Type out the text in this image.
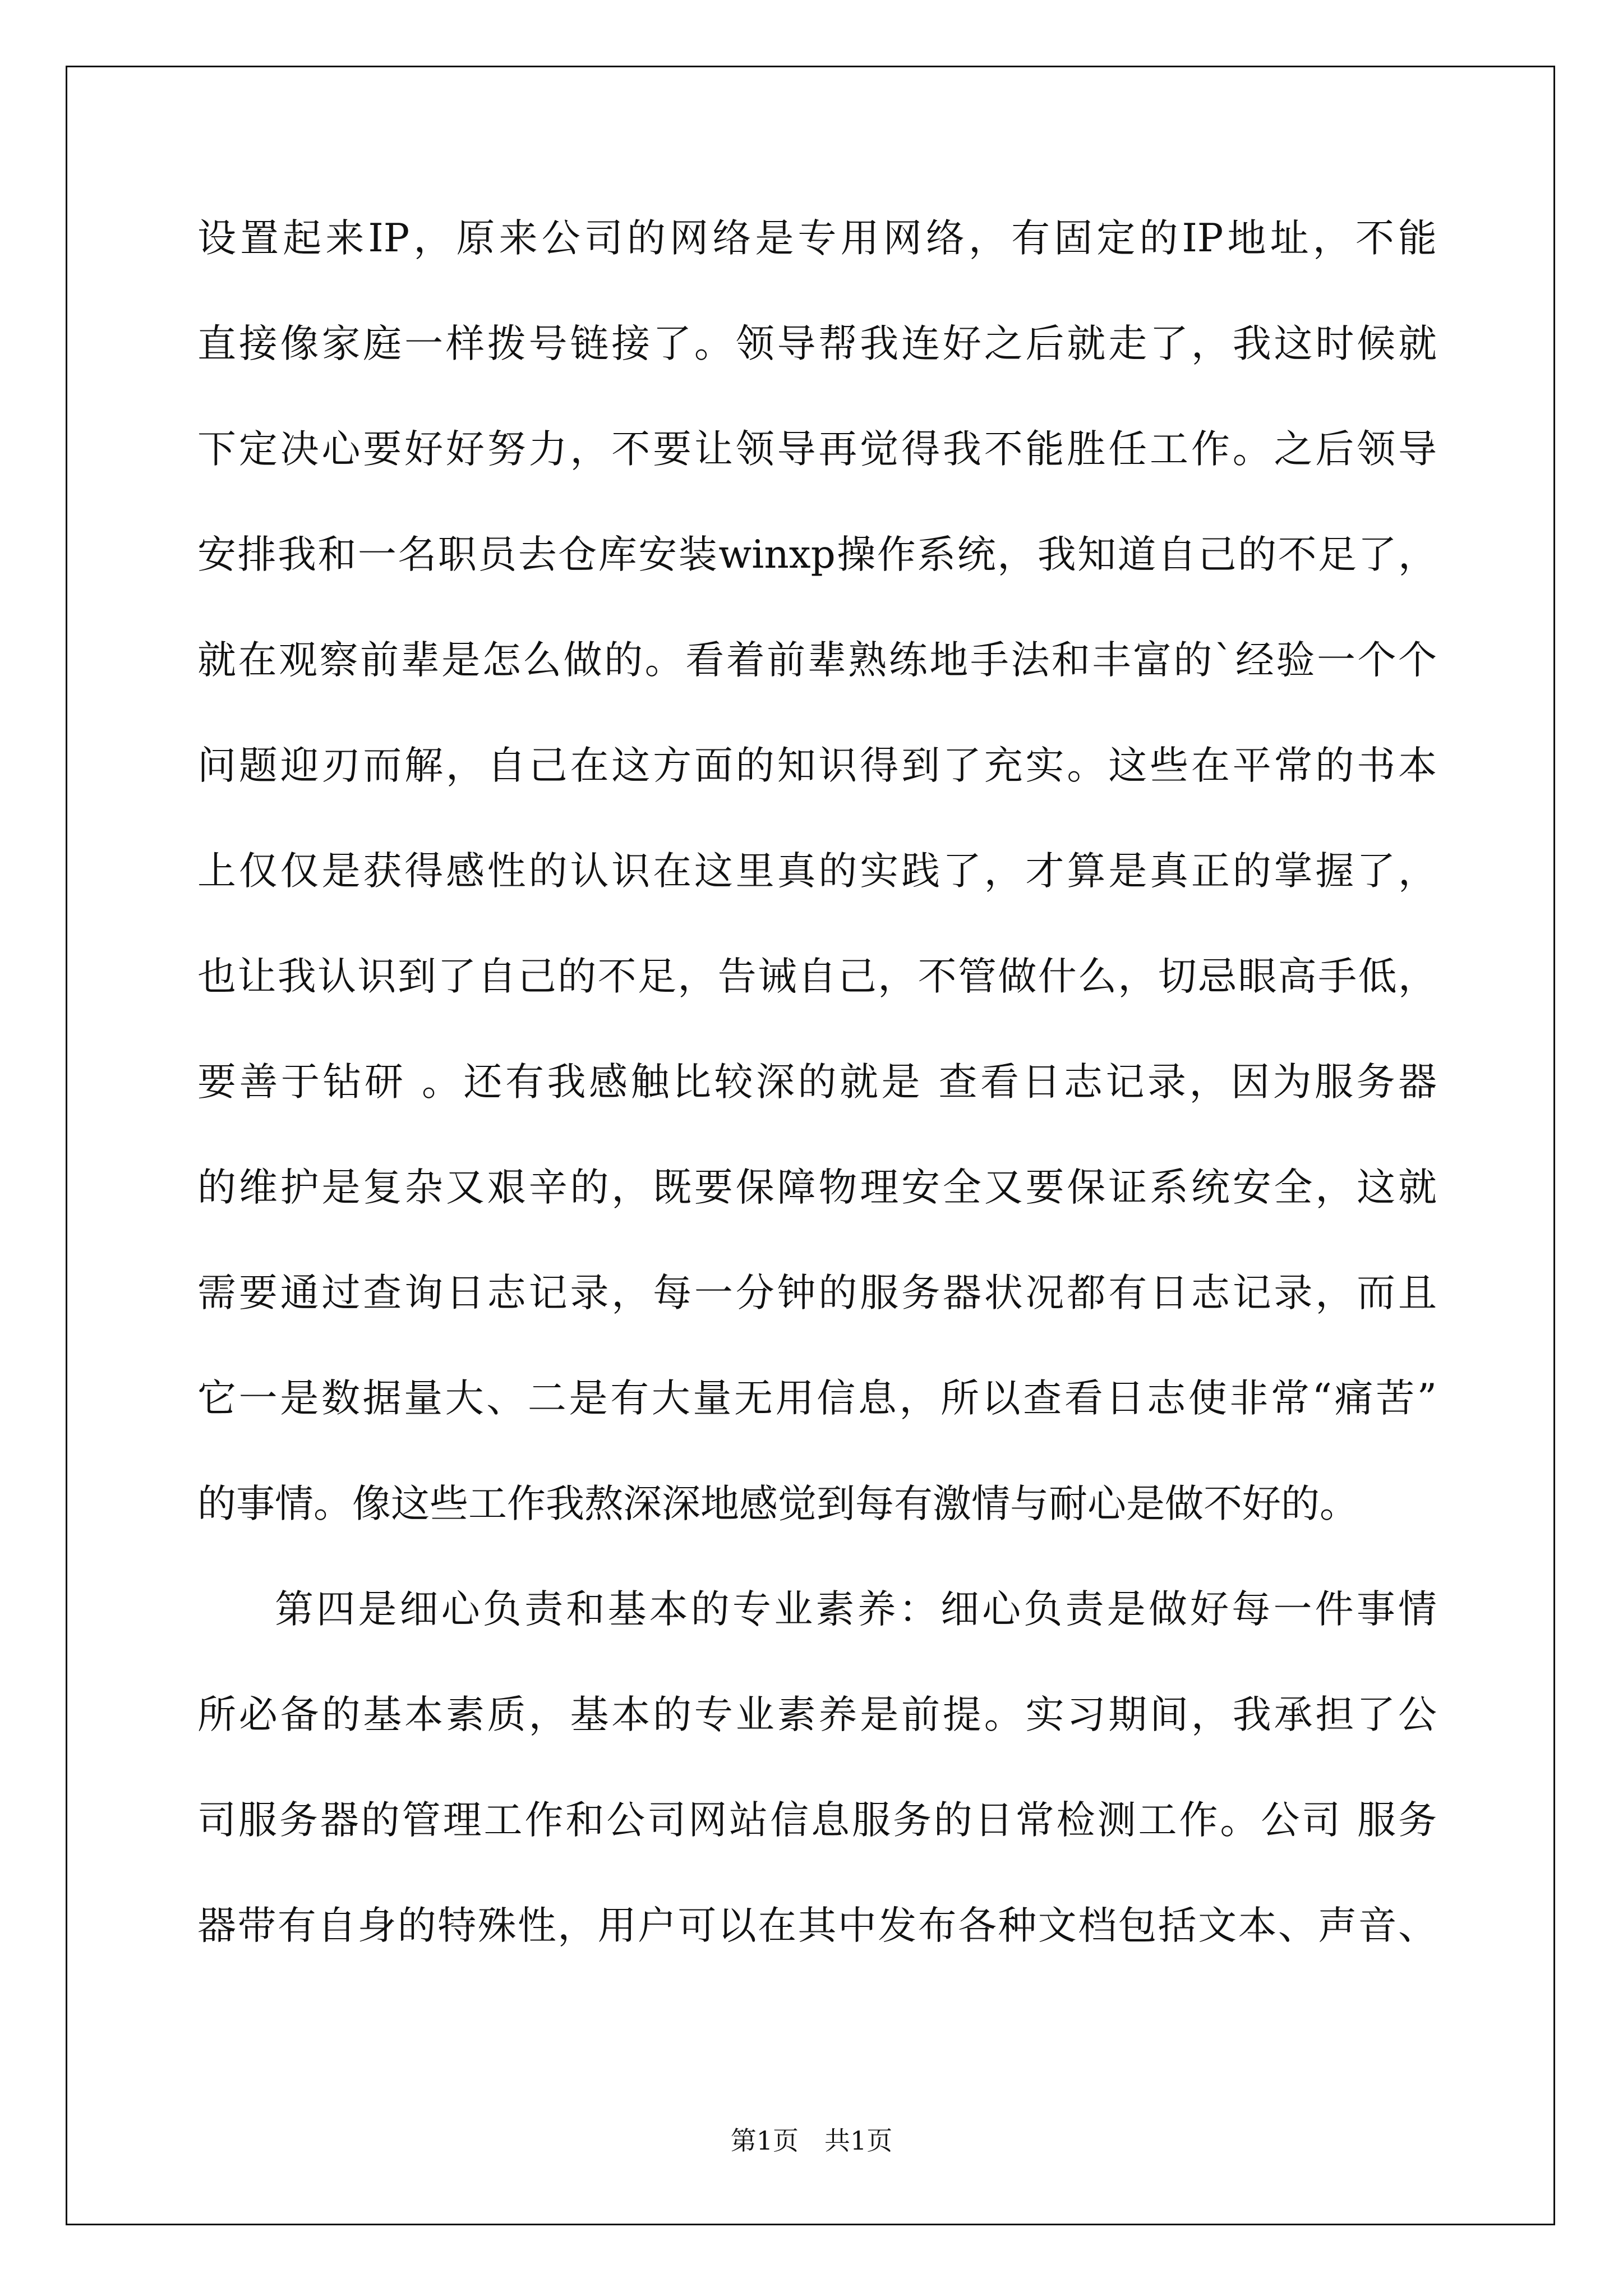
设置起来IP，原来公司的网络是专用网络，有固定的IP地址，不能
直接像家庭一样拨号链接了。领导帮我连好之后就走了，我这时候就
下定决心要好好努力，不要让领导再觉得我不能胜任工作。之后领导
安排我和一名职员去仓库安装winxp操作系统，我知道自己的不足了，
就在观察前辈是怎么做的。看着前辈熟练地手法和丰富的`经验一个个
问题迎刃而解，自己在这方面的知识得到了充实。这些在平常的书本
上仅仅是获得感性的认识在这里真的实践了，才算是真正的掌握了，
也让我认识到了自己的不足，告诫自己，不管做什么，切忌眼高手低，
要善于钻研 。还有我感触比较深的就是 查看日志记录，因为服务器
的维护是复杂又艰辛的，既要保障物理安全又要保证系统安全，这就
需要通过查询日志记录，每一分钟的服务器状况都有日志记录，而且
它一是数据量大、二是有大量无用信息，所以查看日志使非常“痛苦”
的事情。像这些工作我熬深深地感觉到每有激情与耐心是做不好的。
第四是细心负责和基本的专业素养：细心负责是做好每一件事情
所必备的基本素质，基本的专业素养是前提。实习期间，我承担了公
司服务器的管理工作和公司网站信息服务的日常检测工作。公司 服务
器带有自身的特殊性，用户可以在其中发布各种文档包括文本、声音、
第1页 共1页
